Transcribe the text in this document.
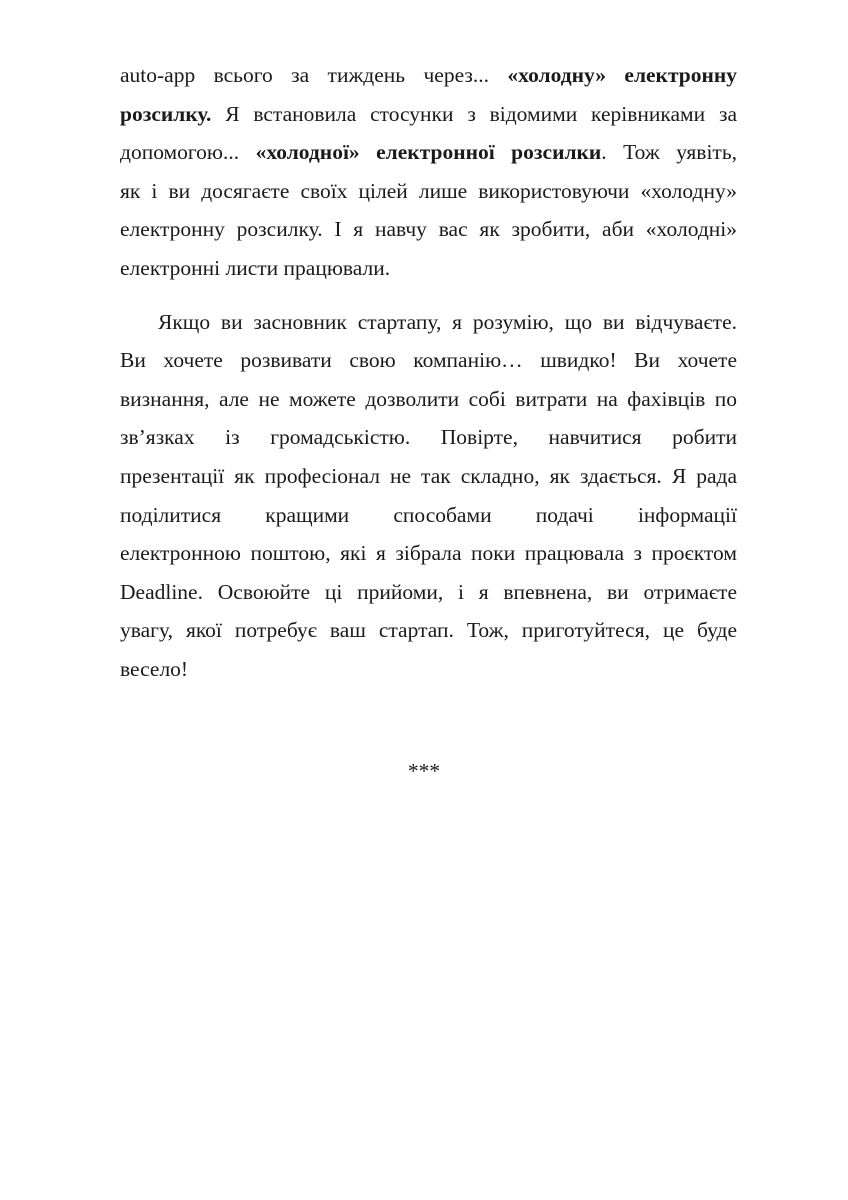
auto-app всього за тиждень через... «холодну» електронну
розсилку. Я встановила стосунки з відомими керівниками за
допомогою... «холодної» електронної розсилки. Тож уявіть,
як і ви досягаєте своїх цілей лише використовуючи «холодну»
електронну розсилку. І я навчу вас як зробити, аби «холодні»
електронні листи працювали.
Якщо ви засновник стартапу, я розумію, що ви відчуваєте.
Ви хочете розвивати свою компанію… швидко! Ви хочете
визнання, але не можете дозволити собі витрати на фахівців по
зв’язках із громадськістю. Повірте, навчитися робити
презентації як професіонал не так складно, як здається. Я рада
поділитися кращими способами подачі інформації
електронною поштою, які я зібрала поки працювала з проєктом
Deadline. Освоюйте ці прийоми, і я впевнена, ви отримаєте
увагу, якої потребує ваш стартап. Тож, приготуйтеся, це буде
весело!
***
